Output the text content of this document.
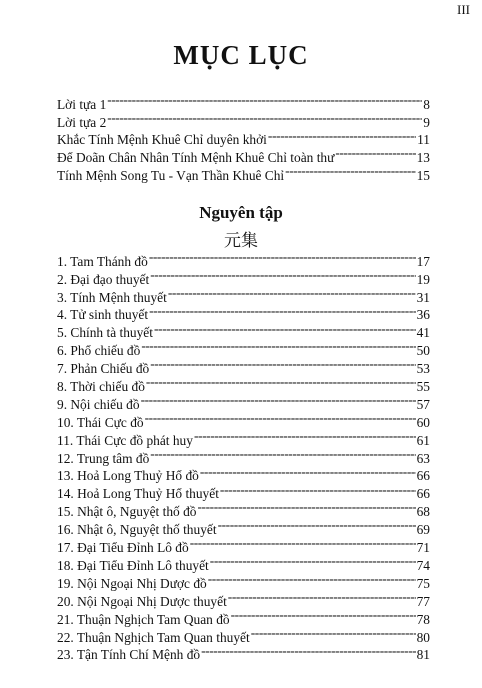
III
MỤC LỤC
Lời tựa 1 -----	8
Lời tựa 2 -----	9
Khắc Tính Mệnh Khuê Chỉ duyên khởi -----	11
Để Doãn Chân Nhân Tính Mệnh Khuê Chỉ toàn thư -----	13
Tính Mệnh Song Tu - Vạn Thần Khuê Chỉ -----	15
Nguyên tập
元集
1. Tam Thánh đồ -----	17
2. Đại đạo thuyết -----	19
3. Tính Mệnh thuyết -----	31
4. Tử sinh thuyết -----	36
5. Chính tà thuyết -----	41
6. Phổ chiếu đồ -----	50
7. Phản Chiếu đồ -----	53
8. Thời chiếu đồ -----	55
9. Nội chiếu đồ -----	57
10. Thái Cực đồ -----	60
11. Thái Cực đồ phát huy -----	61
12. Trung tâm đồ -----	63
13. Hoả Long Thuỷ Hổ đồ -----	66
14. Hoả Long Thuỷ Hổ thuyết -----	66
15. Nhật ô, Nguyệt thố đồ -----	68
16. Nhật ô, Nguyệt thố thuyết -----	69
17. Đại Tiểu Đỉnh Lô đồ -----	71
18. Đại Tiểu Đỉnh Lô thuyết -----	74
19. Nội Ngoại Nhị Dược đồ -----	75
20. Nội Ngoại Nhị Dược thuyết -----	77
21. Thuận Nghịch Tam Quan đồ -----	78
22. Thuận Nghịch Tam Quan thuyết -----	80
23. Tận Tính Chí Mệnh đồ -----	81
